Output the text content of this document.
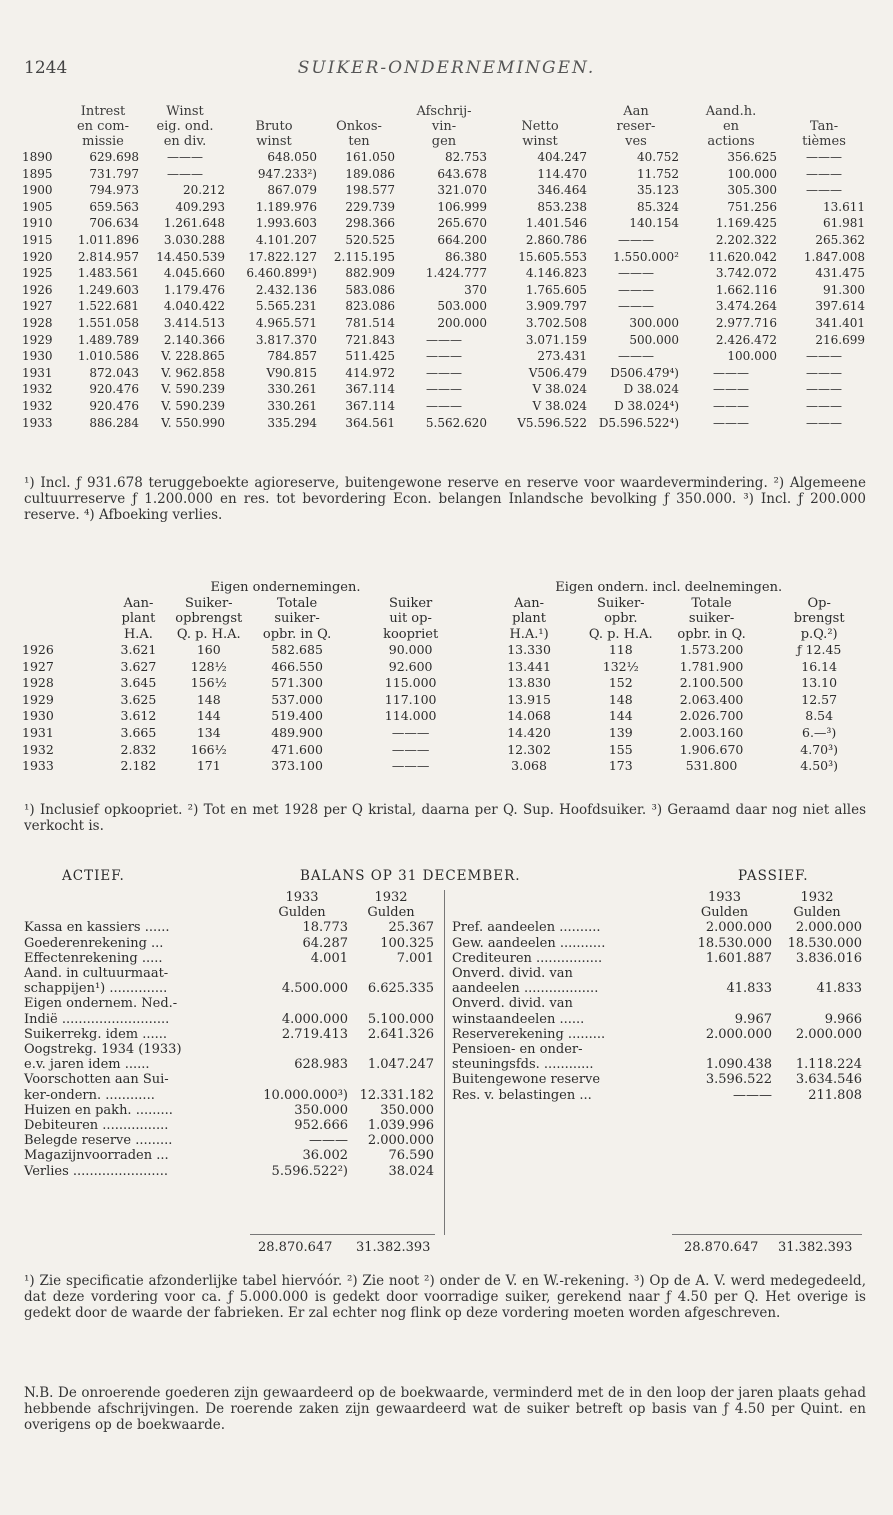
1244	SUIKER-ONDERNEMINGEN.
	Intrest	Winst			Afschrij-		Aan	Aand.h.	
	en com-	eig. ond.	Bruto	Onkos-	vin-	Netto	reser-	en	Tan-
	missie	en div.	winst	ten	gen	winst	ves	actions	tièmes
1890	629.698	———	648.050	161.050	82.753	404.247	40.752	356.625	———
1895	731.797	———	947.233²)	189.086	643.678	114.470	11.752	100.000	———
1900	794.973	20.212	867.079	198.577	321.070	346.464	35.123	305.300	———
1905	659.563	409.293	1.189.976	229.739	106.999	853.238	85.324	751.256	13.611
1910	706.634	1.261.648	1.993.603	298.366	265.670	1.401.546	140.154	1.169.425	61.981
1915	1.011.896	3.030.288	4.101.207	520.525	664.200	2.860.786	———	2.202.322	265.362
1920	2.814.957	14.450.539	17.822.127	2.115.195	86.380	15.605.553	1.550.000²	11.620.042	1.847.008
1925	1.483.561	4.045.660	6.460.899¹)	882.909	1.424.777	4.146.823	———	3.742.072	431.475
1926	1.249.603	1.179.476	2.432.136	583.086	370	1.765.605	———	1.662.116	91.300
1927	1.522.681	4.040.422	5.565.231	823.086	503.000	3.909.797	———	3.474.264	397.614
1928	1.551.058	3.414.513	4.965.571	781.514	200.000	3.702.508	300.000	2.977.716	341.401
1929	1.489.789	2.140.366	3.817.370	721.843	———	3.071.159	500.000	2.426.472	216.699
1930	1.010.586	V. 228.865	784.857	511.425	———	273.431	———	100.000	———
1931	872.043	V. 962.858	V90.815	414.972	———	V506.479	D506.479⁴)	———	———
1932	920.476	V. 590.239	330.261	367.114	———	V 38.024	D 38.024	———	———
1932	920.476	V. 590.239	330.261	367.114	———	V 38.024	D 38.024⁴)	———	———
1933	886.284	V. 550.990	335.294	364.561	5.562.620	V5.596.522	D5.596.522⁴)	———	———
¹) Incl. ƒ 931.678 teruggeboekte agioreserve, buitengewone reserve en reserve voor waardevermindering. ²) Algemeene cultuurreserve ƒ 1.200.000 en res. tot bevordering Econ. belangen Inlandsche bevolking ƒ 350.000. ³) Incl. ƒ 200.000 reserve. ⁴) Afboeking verlies.
	Eigen ondernemingen.				Eigen ondern. incl. deelnemingen.			
	Aan-	Suiker-	Totale	Suiker	Aan-	Suiker-	Totale	Op-
	plant	opbrengst	suiker-	uit op-	plant	opbr.	suiker-	brengst
	H.A.	Q. p. H.A.	opbr. in Q.	koopriet	H.A.¹)	Q. p. H.A.	opbr. in Q.	p.Q.²)
1926	3.621	160	582.685	90.000	13.330	118	1.573.200	ƒ 12.45
1927	3.627	128½	466.550	92.600	13.441	132½	1.781.900	16.14
1928	3.645	156½	571.300	115.000	13.830	152	2.100.500	13.10
1929	3.625	148	537.000	117.100	13.915	148	2.063.400	12.57
1930	3.612	144	519.400	114.000	14.068	144	2.026.700	8.54
1931	3.665	134	489.900	———	14.420	139	2.003.160	6.—³)
1932	2.832	166½	471.600	———	12.302	155	1.906.670	4.70³)
1933	2.182	171	373.100	———	3.068	173	531.800	4.50³)
¹) Inclusief opkoopriet. ²) Tot en met 1928 per Q kristal, daarna per Q. Sup. Hoofdsuiker. ³) Geraamd daar nog niet alles verkocht is.
ACTIEF.	BALANS OP 31 DECEMBER.	PASSIEF.
	1933	1932
	Gulden	Gulden
Kassa en kassiers ......	18.773	25.367
Goederenrekening ...	64.287	100.325
Effectenrekening .....	4.001	7.001
Aand. in cultuurmaat-		
schappijen¹) ..............	4.500.000	6.625.335
Eigen ondernem. Ned.-		
Indië ..........................	4.000.000	5.100.000
Suikerrekg. idem ......	2.719.413	2.641.326
Oogstrekg. 1934 (1933)		
e.v. jaren idem ......	628.983	1.047.247
Voorschotten aan Sui-		
ker-ondern. ............	10.000.000³)	12.331.182
Huizen en pakh. .........	350.000	350.000
Debiteuren ................	952.666	1.039.996
Belegde reserve .........	———	2.000.000
Magazijnvoorraden ...	36.002	76.590
Verlies .......................	5.596.522²)	38.024
	1933	1932
	Gulden	Gulden
Pref. aandeelen ..........	2.000.000	2.000.000
Gew. aandeelen ...........	18.530.000	18.530.000
Crediteuren ................	1.601.887	3.836.016
Onverd. divid. van		
aandeelen ..................	41.833	41.833
Onverd. divid. van		
winstaandeelen ......	9.967	9.966
Reserverekening .........	2.000.000	2.000.000
Pensioen- en onder-		
steuningsfds. ............	1.090.438	1.118.224
Buitengewone reserve	3.596.522	3.634.546
Res. v. belastingen ...	———	211.808
28.870.647 31.382.393	28.870.647 31.382.393
¹) Zie specificatie afzonderlijke tabel hiervóór. ²) Zie noot ²) onder de V. en W.-rekening. ³) Op de A. V. werd medegedeeld, dat deze vordering voor ca. ƒ 5.000.000 is gedekt door voorradige suiker, gerekend naar ƒ 4.50 per Q. Het overige is gedekt door de waarde der fabrieken. Er zal echter nog flink op deze vordering moeten worden afgeschreven.
N.B. De onroerende goederen zijn gewaardeerd op de boekwaarde, verminderd met de in den loop der jaren plaats gehad hebbende afschrijvingen. De roerende zaken zijn gewaardeerd wat de suiker betreft op basis van ƒ 4.50 per Quint. en overigens op de boekwaarde.
